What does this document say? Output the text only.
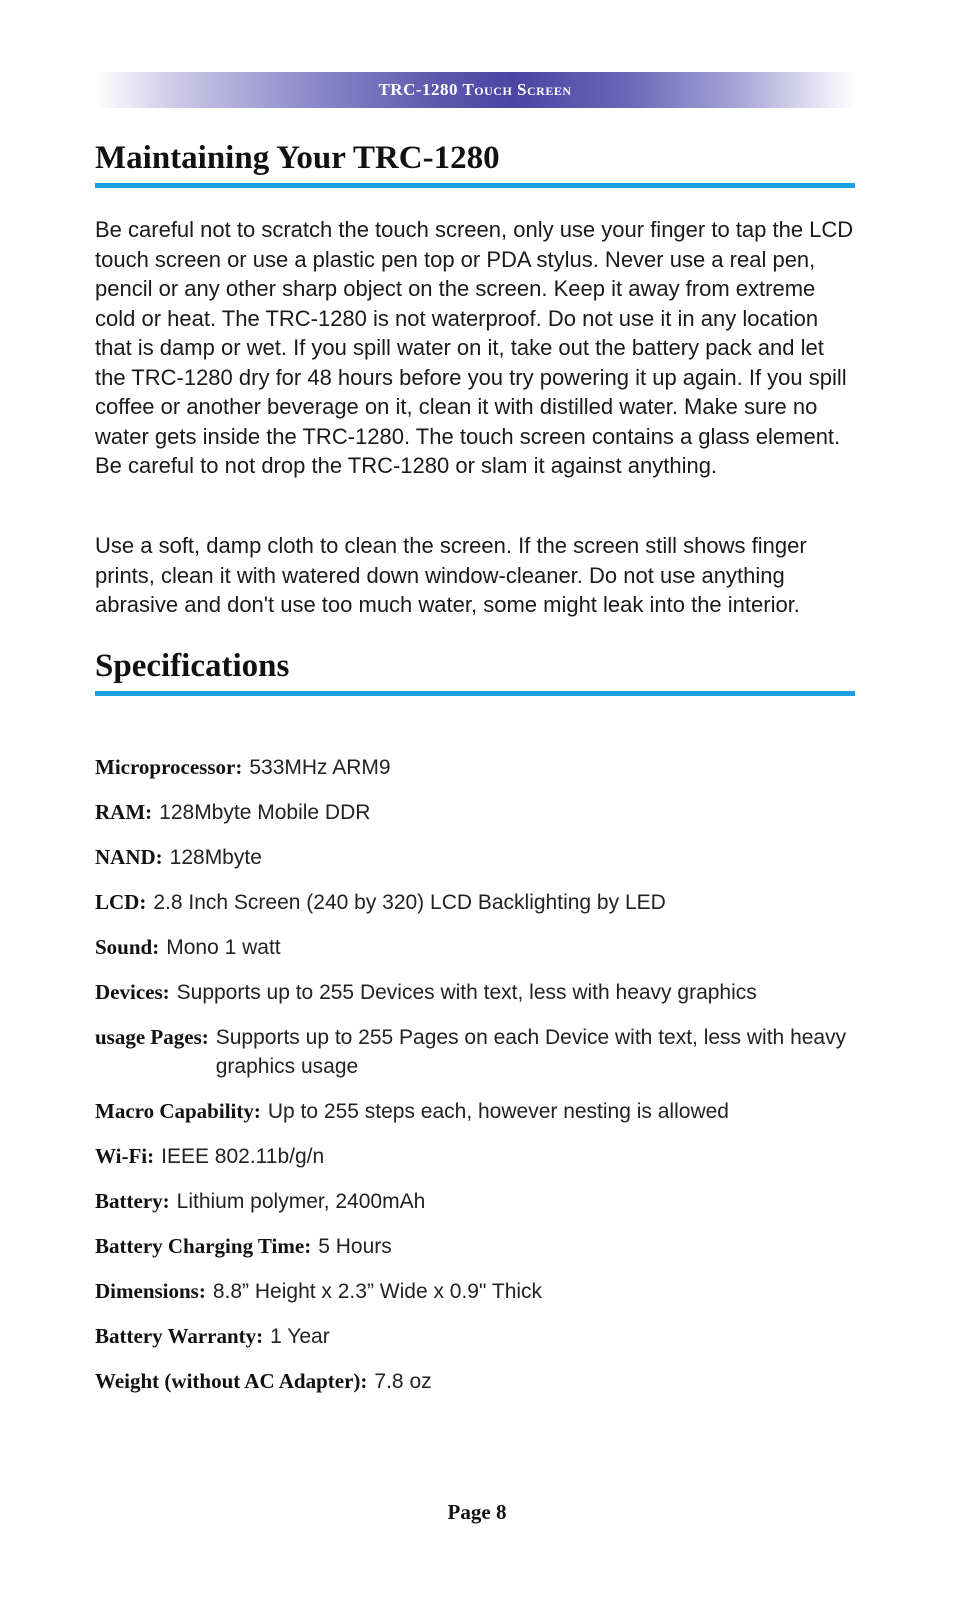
TRC-1280 Touch Screen
Maintaining Your TRC-1280

Be careful not to scratch the touch screen, only use your finger to tap the LCD touch screen or use a plastic pen top or PDA stylus. Never use a real pen, pencil or any other sharp object on the screen. Keep it away from extreme cold or heat. The TRC-1280 is not waterproof. Do not use it in any location that is damp or wet. If you spill water on it, take out the battery pack and let the TRC-1280 dry for 48 hours before you try powering it up again. If you spill coffee or another beverage on it, clean it with distilled water. Make sure no water gets inside the TRC-1280. The touch screen contains a glass element. Be careful to not drop the TRC-1280 or slam it against anything.

Use a soft, damp cloth to clean the screen. If the screen still shows finger prints, clean it with watered down window-cleaner. Do not use anything abrasive and don't use too much water, some might leak into the interior.

Specifications
Microprocessor: 533MHz ARM9
RAM: 128Mbyte Mobile DDR
NAND: 128Mbyte
LCD: 2.8 Inch Screen (240 by 320) LCD Backlighting by LED
Sound: Mono 1 watt
Devices: Supports up to 255 Devices with text, less with heavy graphics
usage Pages: Supports up to 255 Pages on each Device with text, less with heavy graphics usage
Macro Capability: Up to 255 steps each, however nesting is allowed
Wi-Fi: IEEE 802.11b/g/n
Battery: Lithium polymer, 2400mAh
Battery Charging Time: 5 Hours
Dimensions: 8.8” Height x 2.3” Wide x 0.9" Thick
Battery Warranty: 1 Year
Weight (without AC Adapter): 7.8 oz
Page 8
